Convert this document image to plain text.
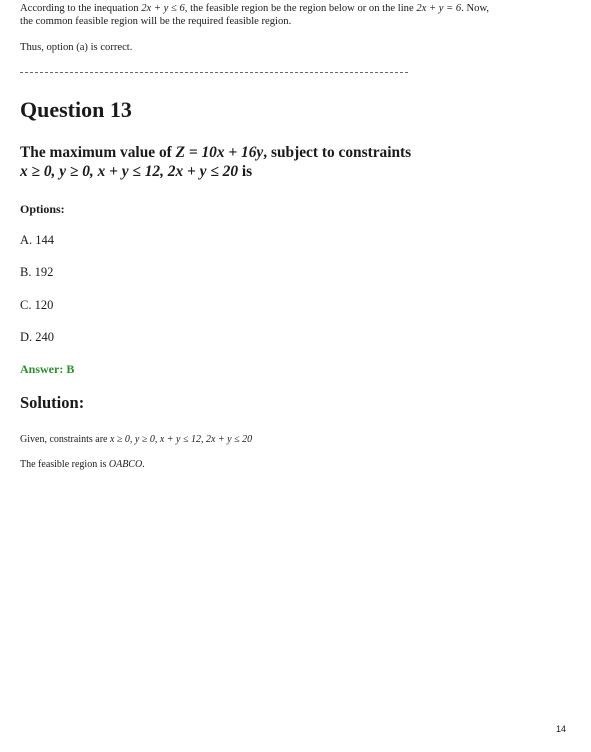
According to the inequation 2x + y ≤ 6, the feasible region be the region below or on the line 2x + y = 6. Now,
the common feasible region will be the required feasible region.
Thus, option (a) is correct.
Question 13
The maximum value of Z = 10x + 16y, subject to constraints
x ≥ 0, y ≥ 0, x + y ≤ 12, 2x + y ≤ 20 is
Options:
A. 144
B. 192
C. 120
D. 240
Answer: B
Solution:
Given, constraints are x ≥ 0, y ≥ 0, x + y ≤ 12, 2x + y ≤ 20
The feasible region is OABCO.
14
